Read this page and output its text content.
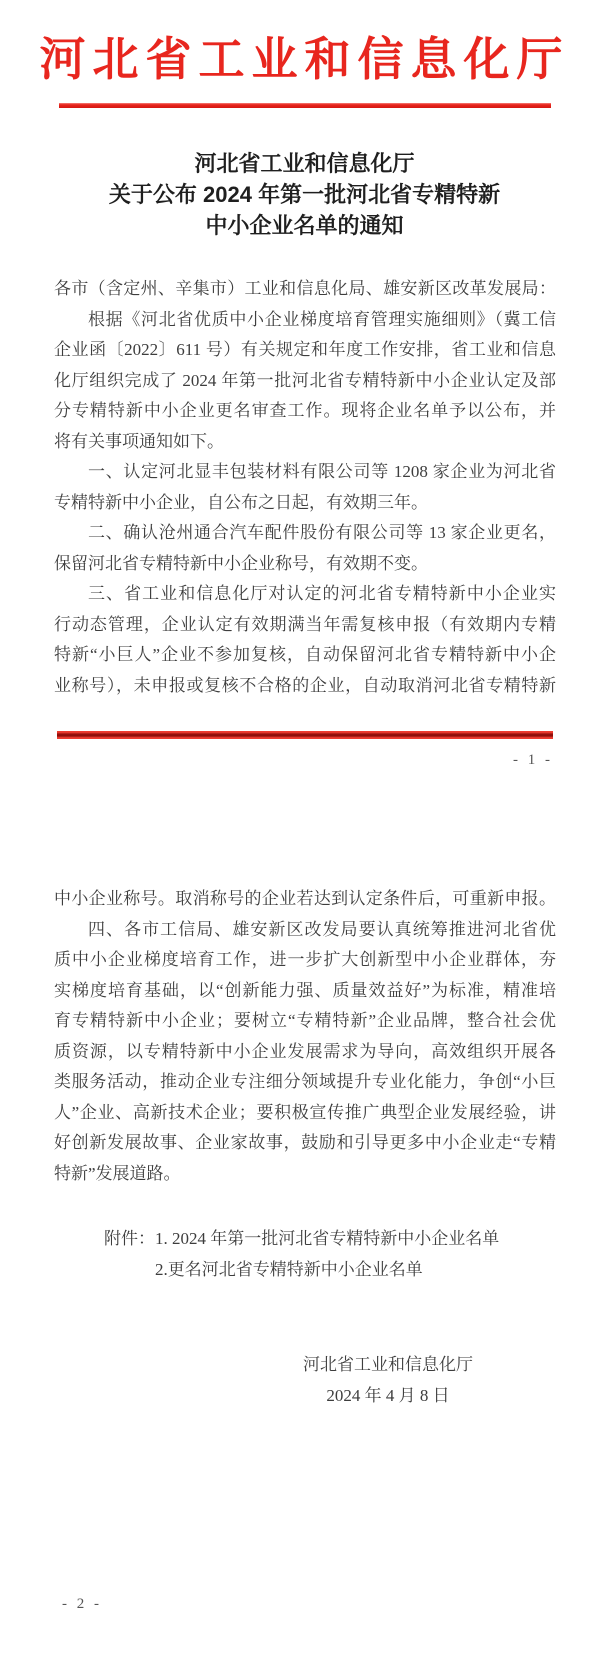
河北省工业和信息化厅
河北省工业和信息化厅
关于公布 2024 年第一批河北省专精特新
中小企业名单的通知
各市（含定州、辛集市）工业和信息化局、雄安新区改革发展局：
根据《河北省优质中小企业梯度培育管理实施细则》（冀工信
企业函〔2022〕611 号）有关规定和年度工作安排，省工业和信息
化厅组织完成了 2024 年第一批河北省专精特新中小企业认定及部
分专精特新中小企业更名审查工作。现将企业名单予以公布，并
将有关事项通知如下。
一、认定河北显丰包装材料有限公司等 1208 家企业为河北省
专精特新中小企业，自公布之日起，有效期三年。
二、确认沧州通合汽车配件股份有限公司等 13 家企业更名，
保留河北省专精特新中小企业称号，有效期不变。
三、省工业和信息化厅对认定的河北省专精特新中小企业实
行动态管理，企业认定有效期满当年需复核申报（有效期内专精
特新“小巨人”企业不参加复核，自动保留河北省专精特新中小企
业称号），未申报或复核不合格的企业，自动取消河北省专精特新
- 1 -
中小企业称号。取消称号的企业若达到认定条件后，可重新申报。
四、各市工信局、雄安新区改发局要认真统筹推进河北省优
质中小企业梯度培育工作，进一步扩大创新型中小企业群体，夯
实梯度培育基础，以“创新能力强、质量效益好”为标准，精准培
育专精特新中小企业；要树立“专精特新”企业品牌，整合社会优
质资源，以专精特新中小企业发展需求为导向，高效组织开展各
类服务活动，推动企业专注细分领域提升专业化能力，争创“小巨
人”企业、高新技术企业；要积极宣传推广典型企业发展经验，讲
好创新发展故事、企业家故事，鼓励和引导更多中小企业走“专精
特新”发展道路。
附件：1. 2024 年第一批河北省专精特新中小企业名单
2.更名河北省专精特新中小企业名单
河北省工业和信息化厅
2024 年 4 月 8 日
- 2 -
